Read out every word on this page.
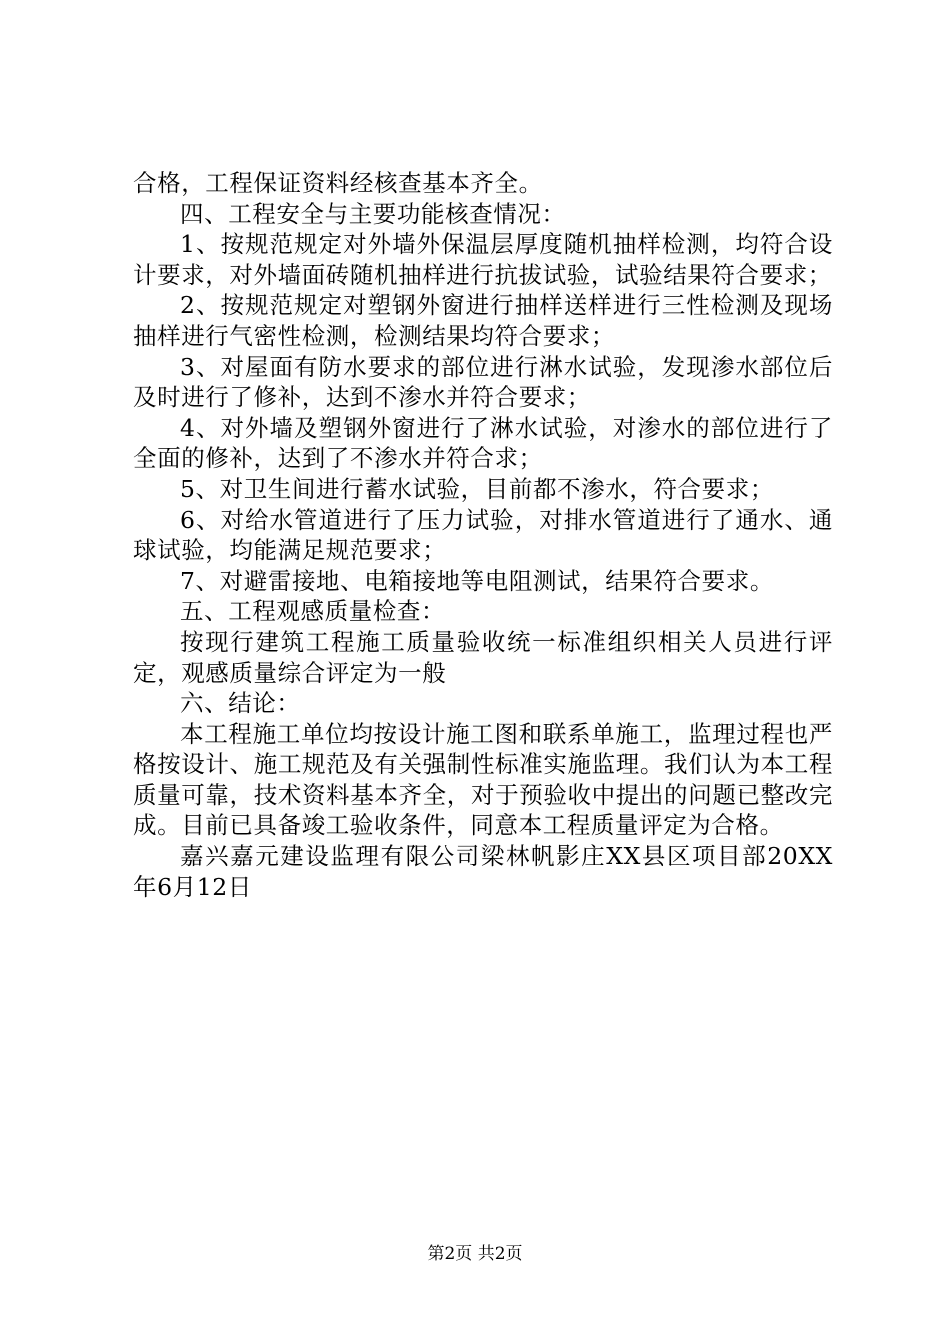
合格，工程保证资料经核查基本齐全。

四、工程安全与主要功能核查情况：

1、按规范规定对外墙外保温层厚度随机抽样检测，均符合设计要求，对外墙面砖随机抽样进行抗拔试验，试验结果符合要求；

2、按规范规定对塑钢外窗进行抽样送样进行三性检测及现场抽样进行气密性检测，检测结果均符合要求；

3、对屋面有防水要求的部位进行淋水试验，发现渗水部位后及时进行了修补，达到不渗水并符合要求；

4、对外墙及塑钢外窗进行了淋水试验，对渗水的部位进行了全面的修补，达到了不渗水并符合求；

5、对卫生间进行蓄水试验，目前都不渗水，符合要求；

6、对给水管道进行了压力试验，对排水管道进行了通水、通球试验，均能满足规范要求；

7、对避雷接地、电箱接地等电阻测试，结果符合要求。

五、工程观感质量检查：

按现行建筑工程施工质量验收统一标准组织相关人员进行评定，观感质量综合评定为一般

六、结论：

本工程施工单位均按设计施工图和联系单施工，监理过程也严格按设计、施工规范及有关强制性标准实施监理。我们认为本工程质量可靠，技术资料基本齐全，对于预验收中提出的问题已整改完成。目前已具备竣工验收条件，同意本工程质量评定为合格。

嘉兴嘉元建设监理有限公司梁林帆影庄XX县区项目部20XX年6月12日

第2页 共2页
